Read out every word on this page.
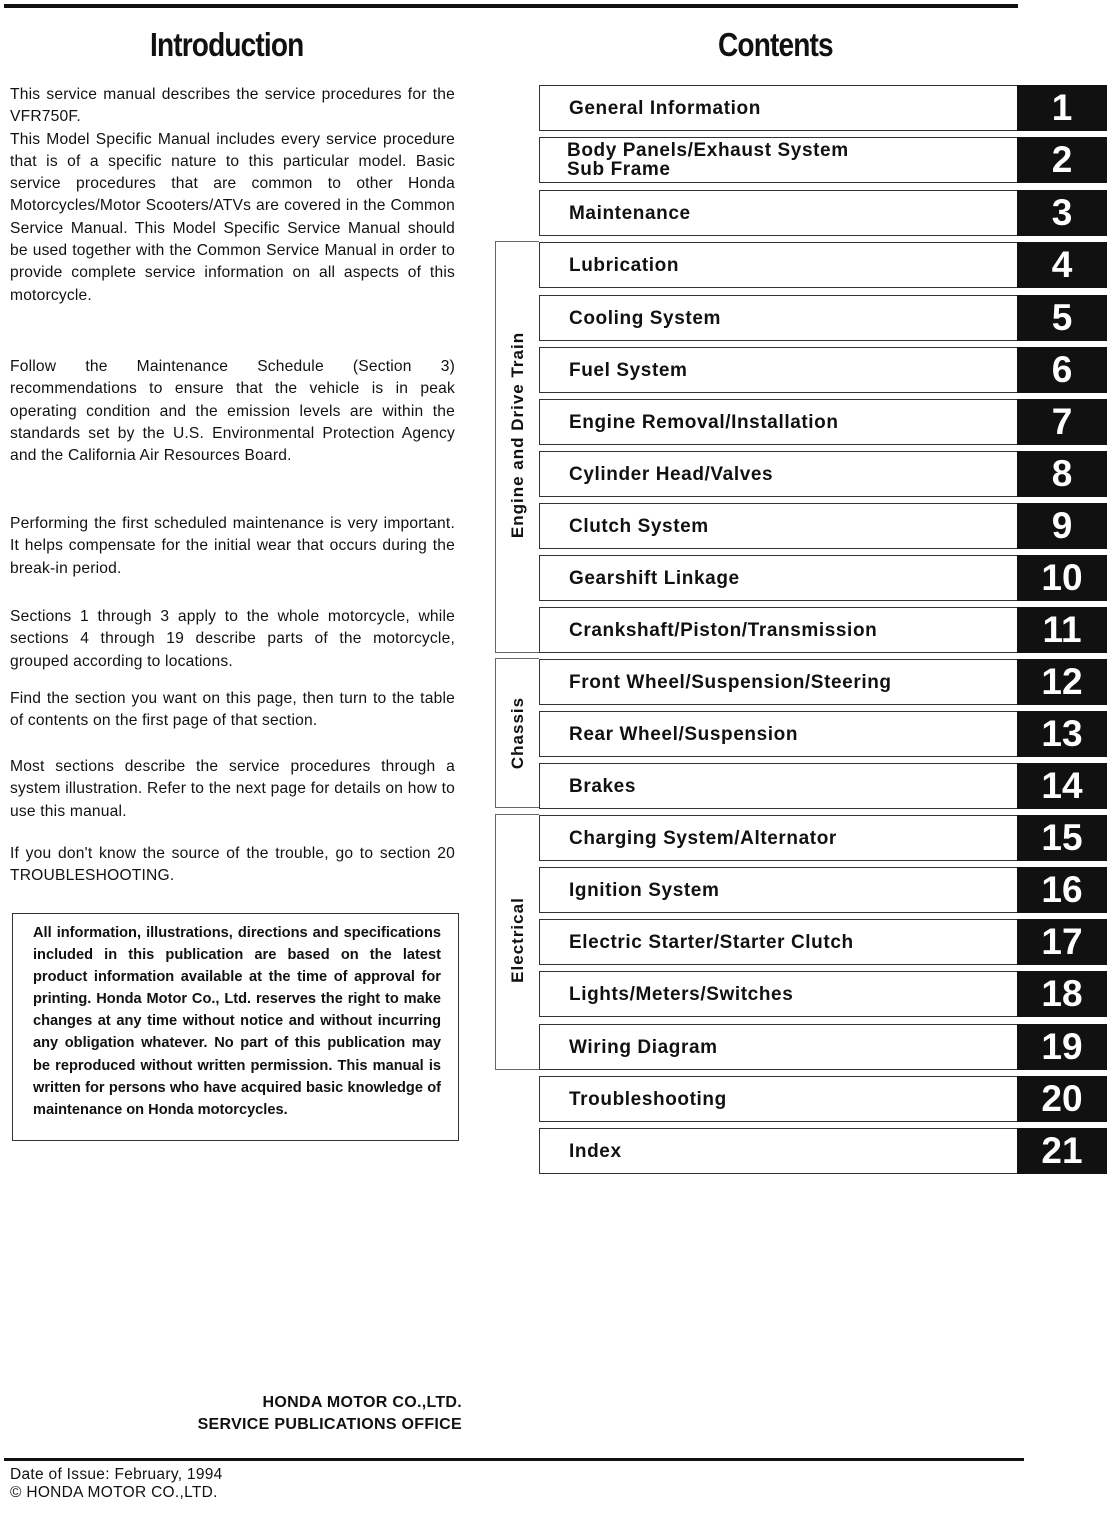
Introduction	Contents

This service manual describes the service procedures for the VFR750F.

This Model Specific Manual includes every service procedure that is of a specific nature to this particular model. Basic service procedures that are common to other Honda Motorcycles/Motor Scooters/ATVs are covered in the Common Service Manual. This Model Specific Service Manual should be used together with the Common Service Manual in order to provide complete service information on all aspects of this motorcycle.

Follow the Maintenance Schedule (Section 3) recommendations to ensure that the vehicle is in peak operating condition and the emission levels are within the standards set by the U.S. Environmental Protection Agency and the California Air Resources Board.

Performing the first scheduled maintenance is very important. It helps compensate for the initial wear that occurs during the break-in period.

Sections 1 through 3 apply to the whole motorcycle, while sections 4 through 19 describe parts of the motorcycle, grouped according to locations.

Find the section you want on this page, then turn to the table of contents on the first page of that section.

Most sections describe the service procedures through a system illustration. Refer to the next page for details on how to use this manual.

If you don't know the source of the trouble, go to section 20 TROUBLESHOOTING.

All information, illustrations, directions and specifications included in this publication are based on the latest product information available at the time of approval for printing. Honda Motor Co., Ltd. reserves the right to make changes at any time without notice and without incurring any obligation whatever. No part of this publication may be reproduced without written permission. This manual is written for persons who have acquired basic knowledge of maintenance on Honda motorcycles.
HONDA MOTOR CO.,LTD.
SERVICE PUBLICATIONS OFFICE
Date of Issue: February, 1994
© HONDA MOTOR CO.,LTD.
Engine and Drive Train
Chassis
Electrical
General Information	1
Body Panels/Exhaust System
Sub Frame	2
Maintenance	3
Lubrication	4
Cooling System	5
Fuel System	6
Engine Removal/Installation	7
Cylinder Head/Valves	8
Clutch System	9
Gearshift Linkage	10
Crankshaft/Piston/Transmission	11
Front Wheel/Suspension/Steering	12
Rear Wheel/Suspension	13
Brakes	14
Charging System/Alternator	15
Ignition System	16
Electric Starter/Starter Clutch	17
Lights/Meters/Switches	18
Wiring Diagram	19
Troubleshooting	20
Index	21
